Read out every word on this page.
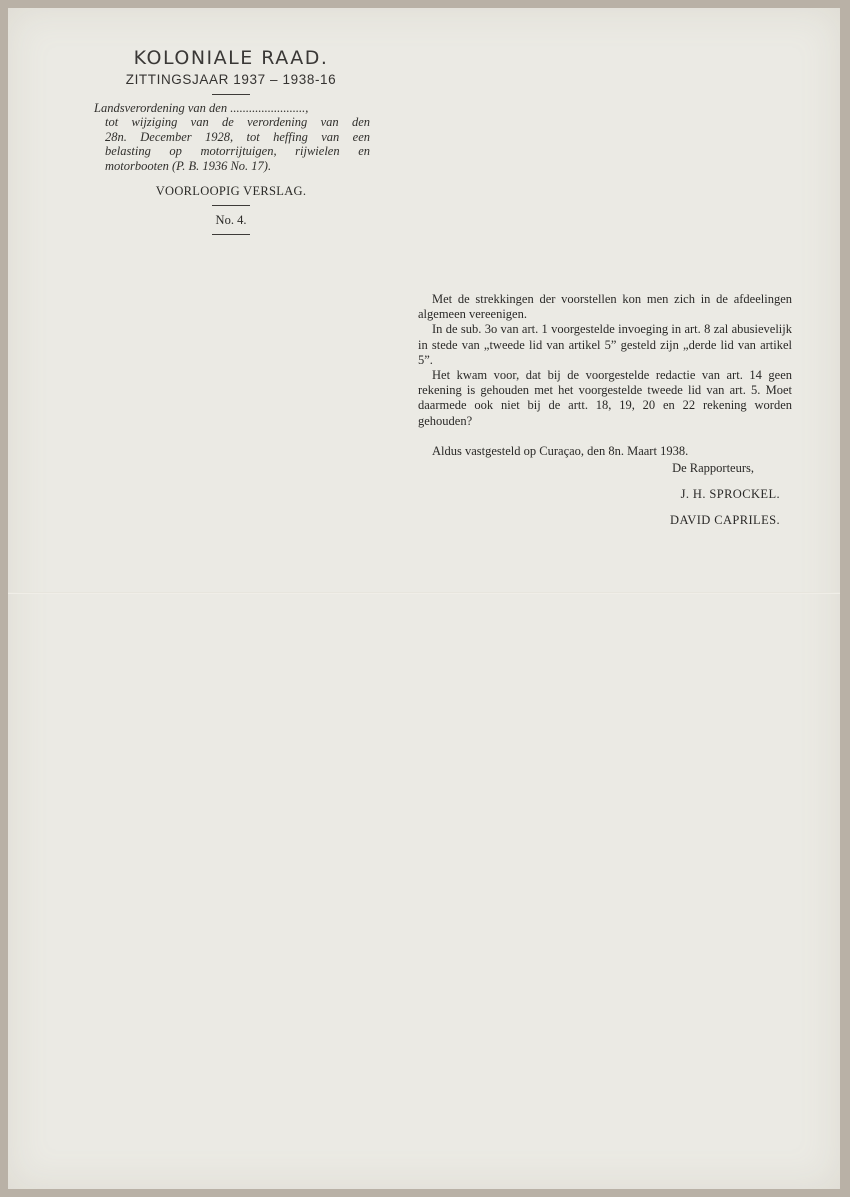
KOLONIALE RAAD.
ZITTINGSJAAR 1937 – 1938-16
Landsverordening van den ........................,
tot wijziging van de verordening van den
28n. December 1928, tot heffing van een
belasting op motorrijtuigen, rijwielen en
motorbooten (P. B. 1936 No. 17).
VOORLOOPIG VERSLAG.
No. 4.

Met de strekkingen der voorstellen kon men zich in de afdeelingen algemeen vereenigen.

In de sub. 3o van art. 1 voorgestelde invoeging in art. 8 zal abusievelijk in stede van „tweede lid van artikel 5” gesteld zijn „derde lid van artikel 5”.

Het kwam voor, dat bij de voorgestelde redactie van art. 14 geen rekening is gehouden met het voorgestelde tweede lid van art. 5. Moet daarmede ook niet bij de artt. 18, 19, 20 en 22 rekening worden gehouden?

Aldus vastgesteld op Curaçao, den 8n. Maart 1938.

De Rapporteurs,
J. H. SPROCKEL.
DAVID CAPRILES.
